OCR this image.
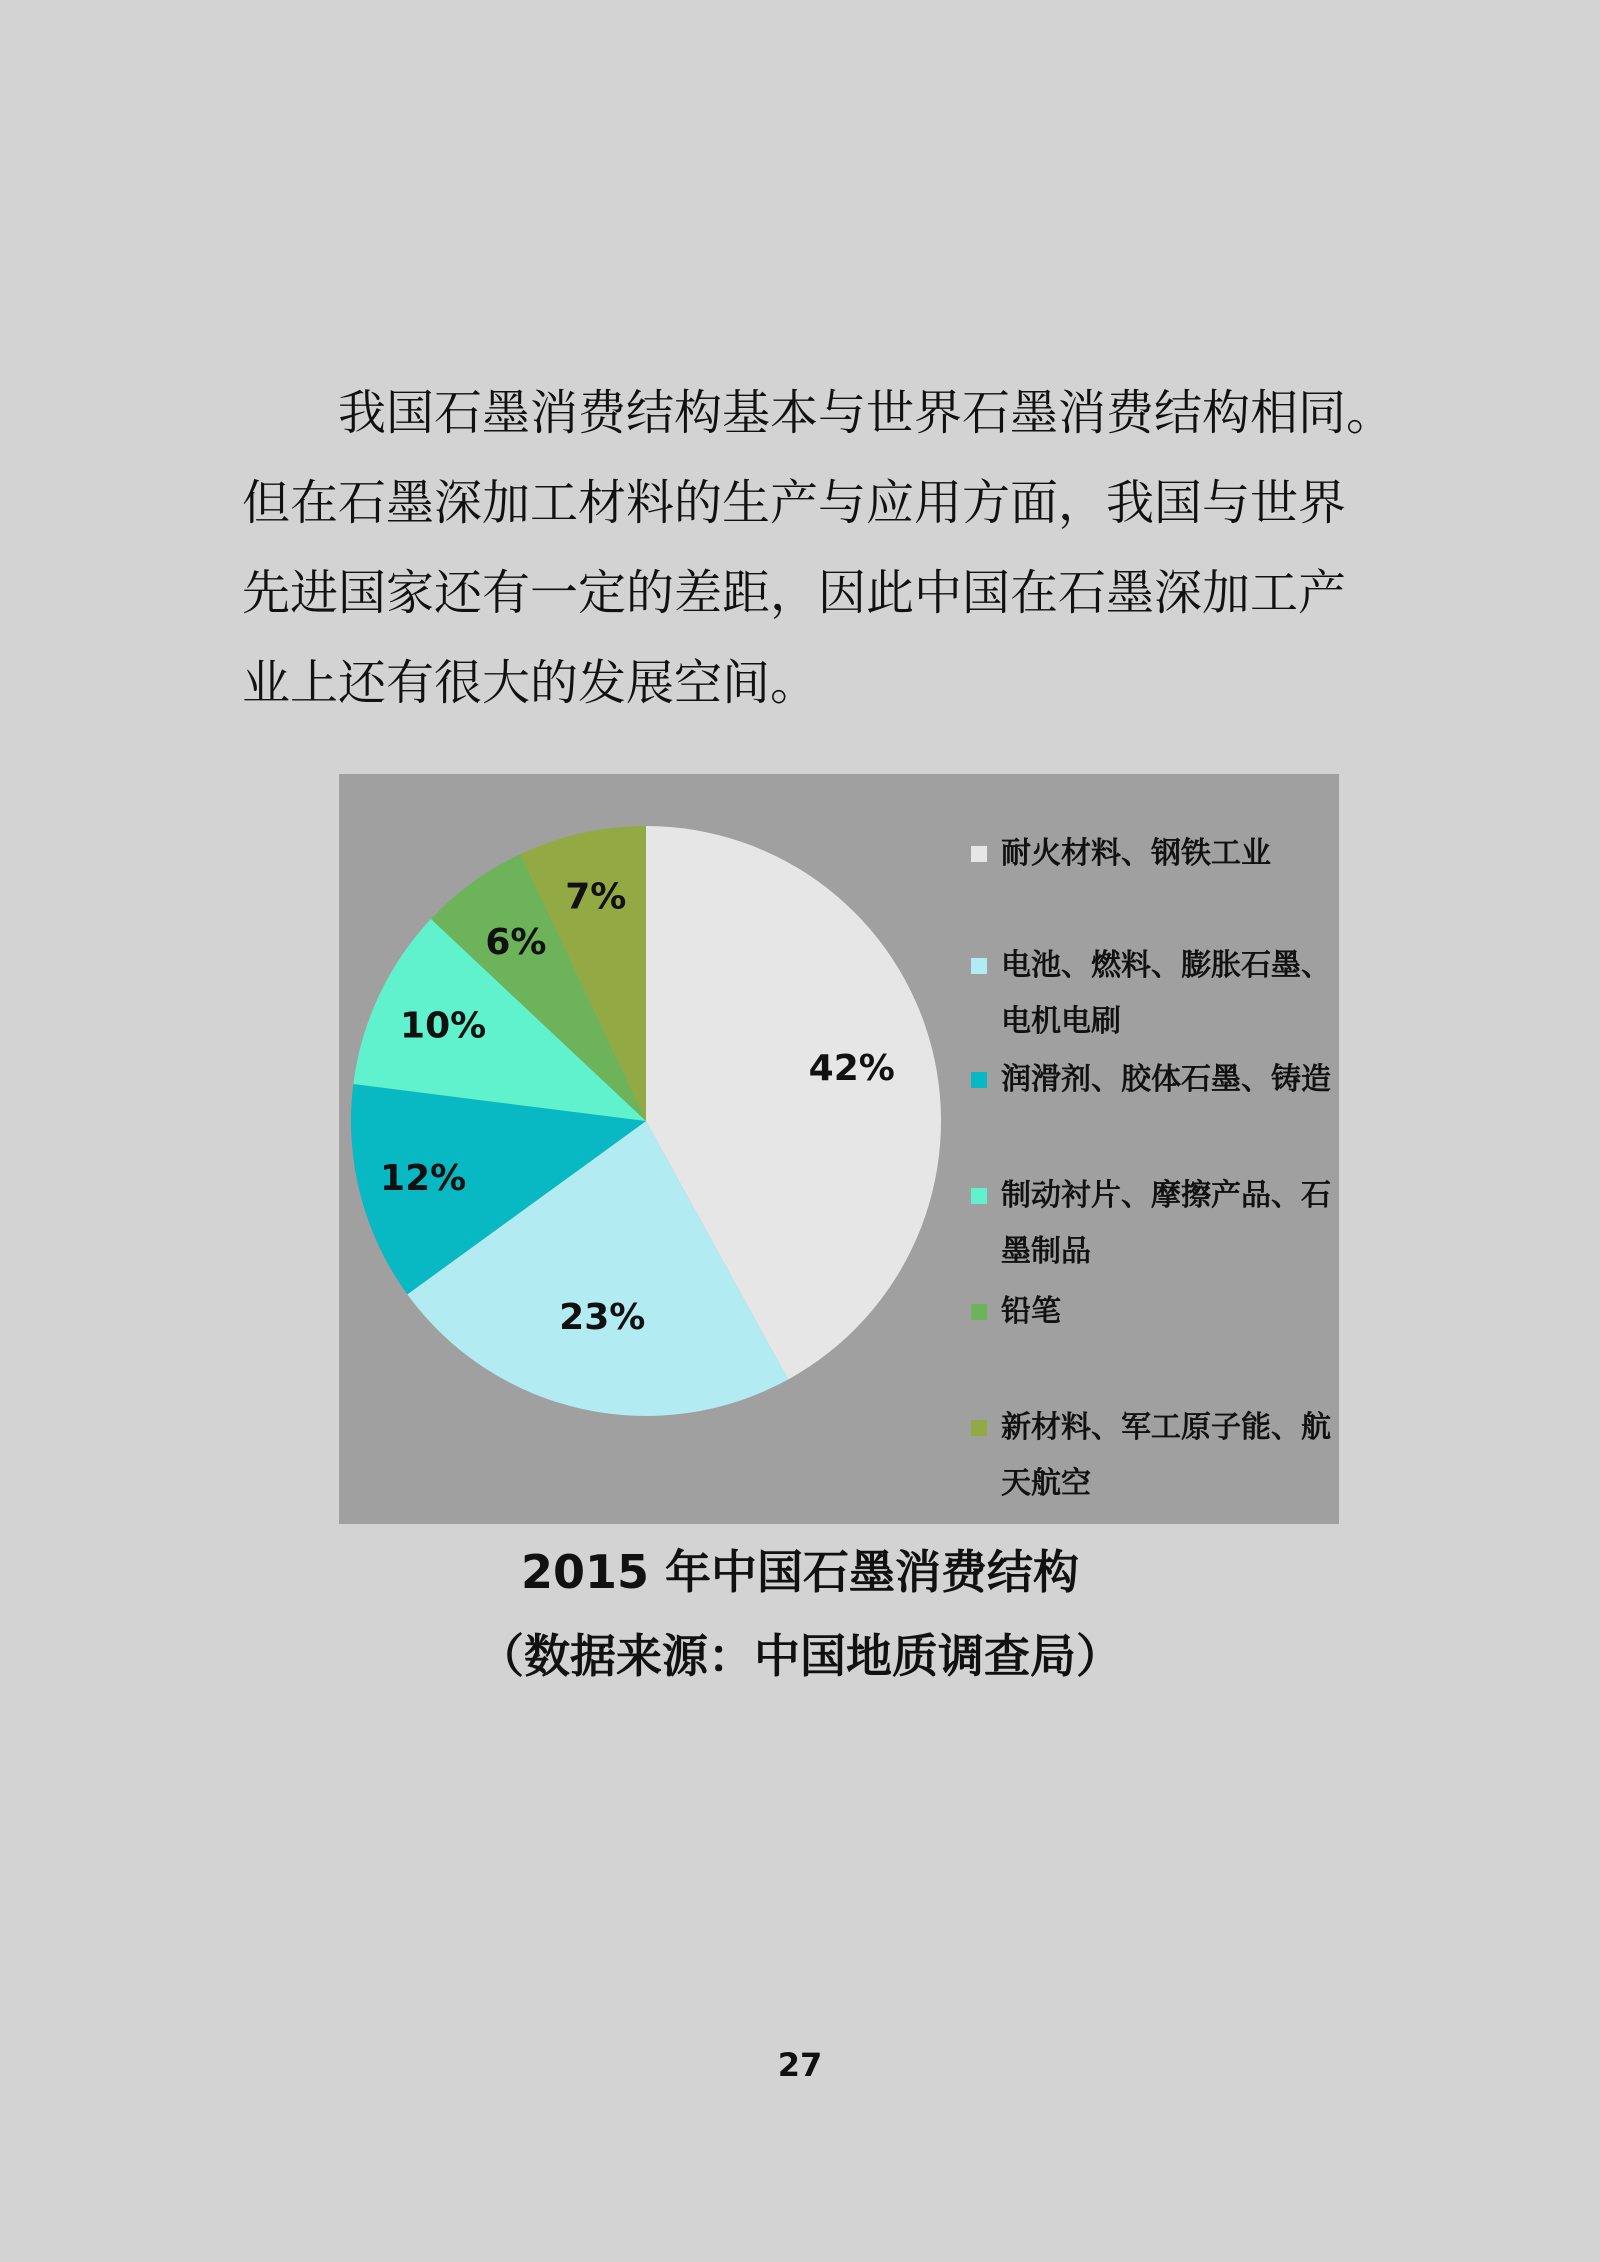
我国石墨消费结构基本与世界石墨消费结构相同。
但在石墨深加工材料的生产与应用方面，我国与世界
先进国家还有一定的差距，因此中国在石墨深加工产
业上还有很大的发展空间。
42%
23%
12%
10%
6%
7%
耐火材料、钢铁工业
电池、燃料、膨胀石墨、电机电刷
润滑剂、胶体石墨、铸造
制动衬片、摩擦产品、石墨制品
铅笔
新材料、军工原子能、航天航空
2015 年中国石墨消费结构
（数据来源：中国地质调查局）
27
